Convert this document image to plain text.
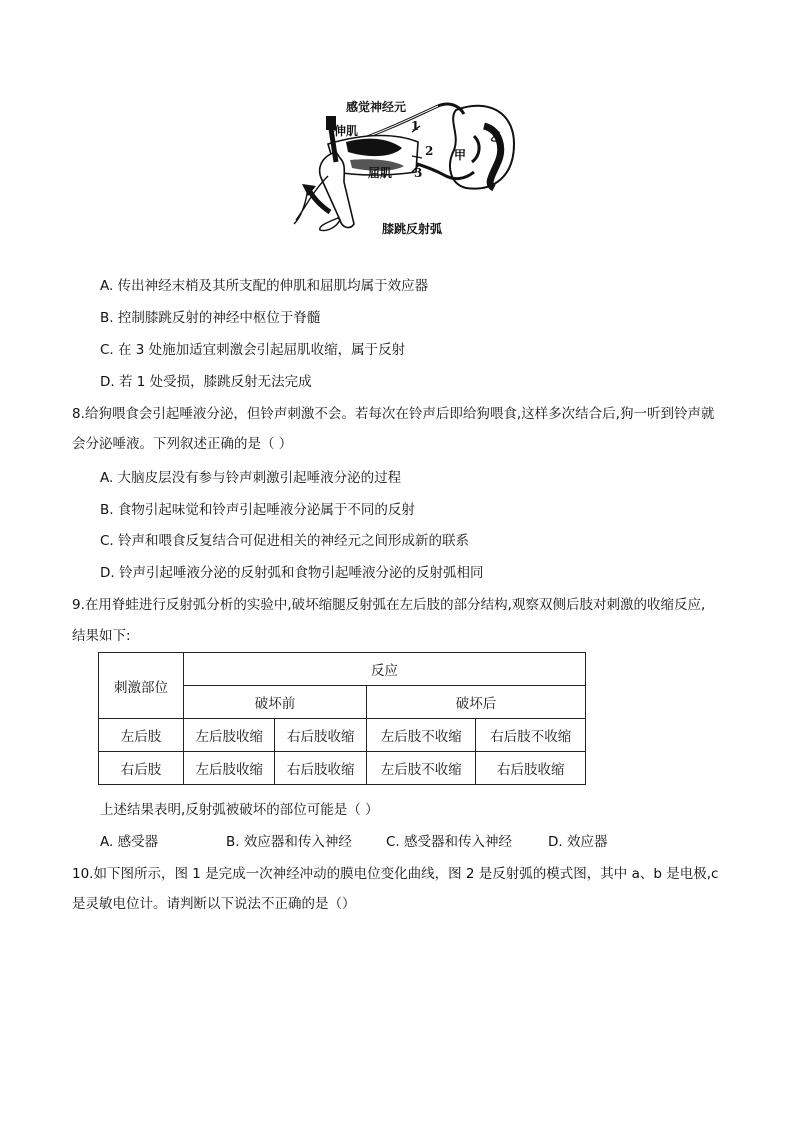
感觉神经元
伸肌
屈肌
1
2
3
甲
乙
膝跳反射弧
A. 传出神经末梢及其所支配的伸肌和屈肌均属于效应器
B. 控制膝跳反射的神经中枢位于脊髓
C. 在 3 处施加适宜刺激会引起屈肌收缩，属于反射
D. 若 1 处受损，膝跳反射无法完成
8.给狗喂食会引起唾液分泌，但铃声刺激不会。若每次在铃声后即给狗喂食,这样多次结合后,狗一听到铃声就
会分泌唾液。下列叙述正确的是（ ）
A. 大脑皮层没有参与铃声刺激引起唾液分泌的过程
B. 食物引起味觉和铃声引起唾液分泌属于不同的反射
C. 铃声和喂食反复结合可促进相关的神经元之间形成新的联系
D. 铃声引起唾液分泌的反射弧和食物引起唾液分泌的反射弧相同
9.在用脊蛙进行反射弧分析的实验中,破坏缩腿反射弧在左后肢的部分结构,观察双侧后肢对刺激的收缩反应,
结果如下:
刺激部位	反应			
	破坏前		破坏后	
左后肢	左后肢收缩	右后肢收缩	左后肢不收缩	右后肢不收缩
右后肢	左后肢收缩	右后肢收缩	左后肢不收缩	右后肢收缩
上述结果表明,反射弧被破坏的部位可能是（ ）
A. 感受器	B. 效应器和传入神经	C. 感受器和传入神经	D. 效应器
10.如下图所示，图 1 是完成一次神经冲动的膜电位变化曲线，图 2 是反射弧的模式图，其中 a、b 是电极,c
是灵敏电位计。请判断以下说法不正确的是（）
